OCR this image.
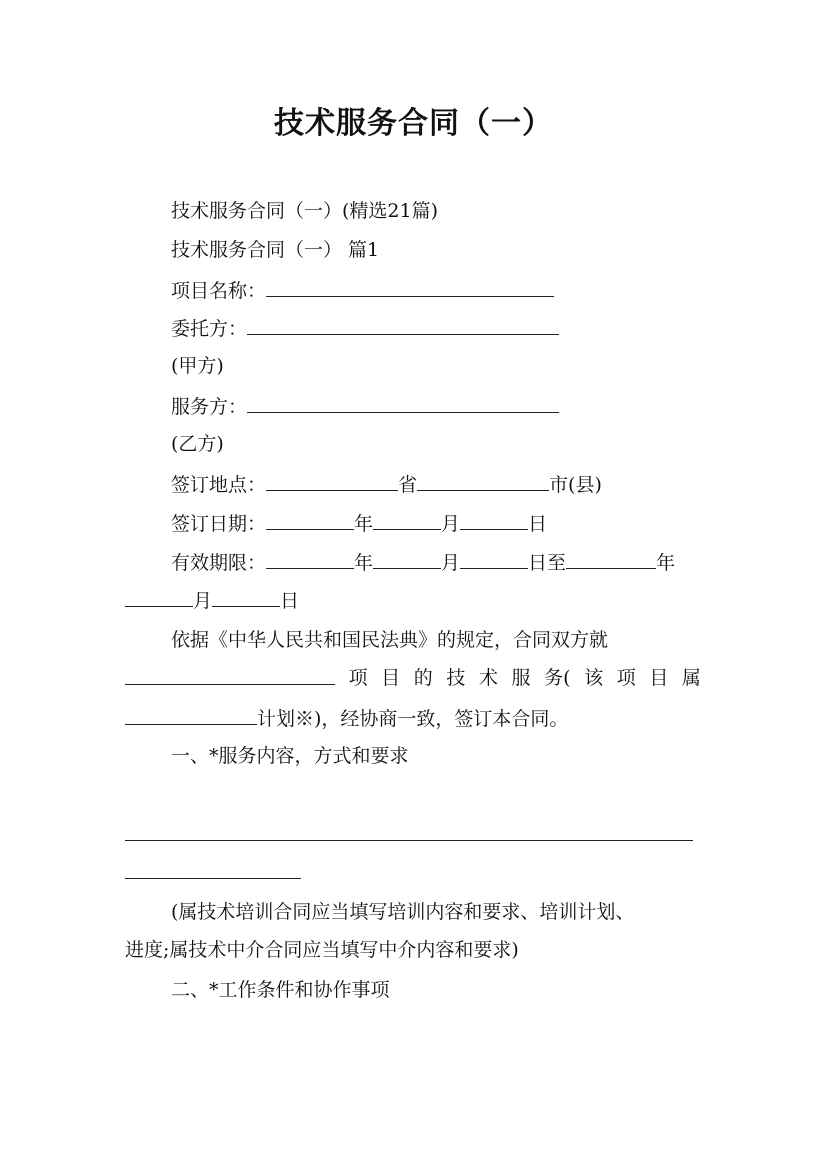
技术服务合同（一）
技术服务合同（一）(精选21篇)
技术服务合同（一） 篇1
项目名称：
委托方：
(甲方)
服务方：
(乙方)
签订地点：	省	市(县)
签订日期：	年	月	日
有效期限：	年	月	日至	年
月	日
依据《中华人民共和国民法典》的规定，合同双方就
项 目 的 技 术 服 务( 该 项 目 属
计划※)，经协商一致，签订本合同。
一、*服务内容，方式和要求
(属技术培训合同应当填写培训内容和要求、培训计划、
进度;属技术中介合同应当填写中介内容和要求)
二、*工作条件和协作事项
